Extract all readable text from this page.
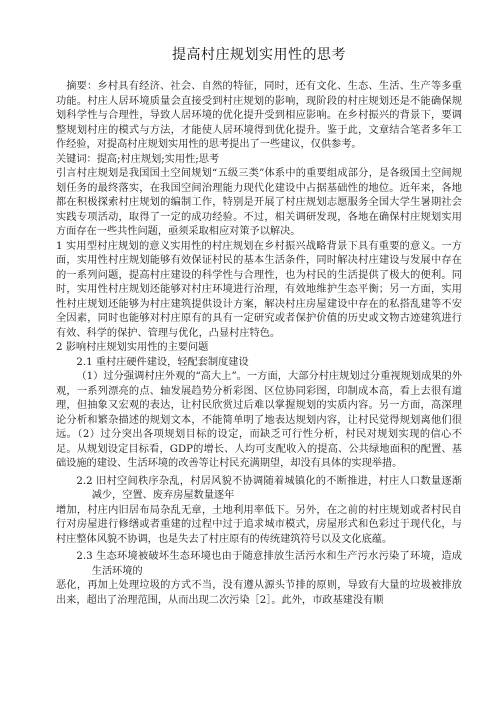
提高村庄规划实用性的思考

摘要：乡村具有经济、社会、自然的特征，同时，还有文化、生态、生活、生产等多重功能。村庄人居环境质量会直接受到村庄规划的影响，现阶段的村庄规划还是不能确保规划科学性与合理性，导致人居环境的优化提升受到相应影响。在乡村振兴的背景下，要调整规划村庄的模式与方法，才能使人居环境得到优化提升。鉴于此，文章结合笔者多年工作经验，对提高村庄规划实用性的思考提出了一些建议，仅供参考。

关键词：提高;村庄规划;实用性;思考

引言村庄规划是我国国土空间规划“五级三类”体系中的重要组成部分，是各级国土空间规划任务的最终落实，在我国空间治理能力现代化建设中占据基础性的地位。近年来，各地都在积极探索村庄规划的编制工作，特别是开展了村庄规划志愿服务全国大学生暑期社会实践专项活动，取得了一定的成功经验。不过，相关调研发现，各地在确保村庄规划实用方面存在一些共性问题，亟须采取相应对策予以解决。

1 实用型村庄规划的意义实用性的村庄规划在乡村振兴战略背景下具有重要的意义。一方面，实用性村庄规划能够有效保证村民的基本生活条件，同时解决村庄建设与发展中存在的一系列问题，提高村庄建设的科学性与合理性，也为村民的生活提供了极大的便利。同时，实用性村庄规划还能够对村庄环境进行治理，有效地维护生态平衡；另一方面，实用性村庄规划还能够为村庄建筑提供设计方案，解决村庄房屋建设中存在的私搭乱建等不安全因素，同时也能够对村庄原有的具有一定研究或者保护价值的历史或文物古迹建筑进行有效、科学的保护、管理与优化，凸显村庄特色。

2 影响村庄规划实用性的主要问题

2.1 重村庄硬件建设，轻配套制度建设

（1）过分强调村庄外观的“高大上”。一方面，大部分村庄规划过分重视规划成果的外观，一系列漂亮的点、轴发展趋势分析彩图、区位协同彩图，印制成本高，看上去很有道理，但抽象又宏观的表达，让村民欣赏过后难以掌握规划的实质内容。另一方面，高深理论分析和繁杂描述的规划文本，不能简单明了地表达规划内容，让村民觉得规划离他们很远。（2）过分突出各项规划目标的设定，而缺乏可行性分析，村民对规划实现的信心不足。从规划设定目标看，GDP的增长、人均可支配收入的提高、公共绿地面积的配置、基础设施的建设、生活环境的改善等让村民充满期望，却没有具体的实现举措。

2.2 旧村空间秩序杂乱，村居风貌不协调随着城镇化的不断推进，村庄人口数量逐渐减少，空置、废弃房屋数量逐年

增加，村庄内旧居布局杂乱无章，土地利用率低下。另外，在之前的村庄规划或者村民自行对房屋进行修缮或者重建的过程中过于追求城市模式，房屋形式和色彩过于现代化，与村庄整体风貌不协调，也是失去了村庄原有的传统建筑符号以及文化底蕴。

2.3 生态环境被破坏生态环境也由于随意排放生活污水和生产污水污染了环境，造成生活环境的

恶化，再加上处理垃圾的方式不当，没有遵从源头节排的原则，导致有大量的垃圾被排放出来，超出了治理范围，从而出现二次污染［2］。此外，市政基建没有顺
